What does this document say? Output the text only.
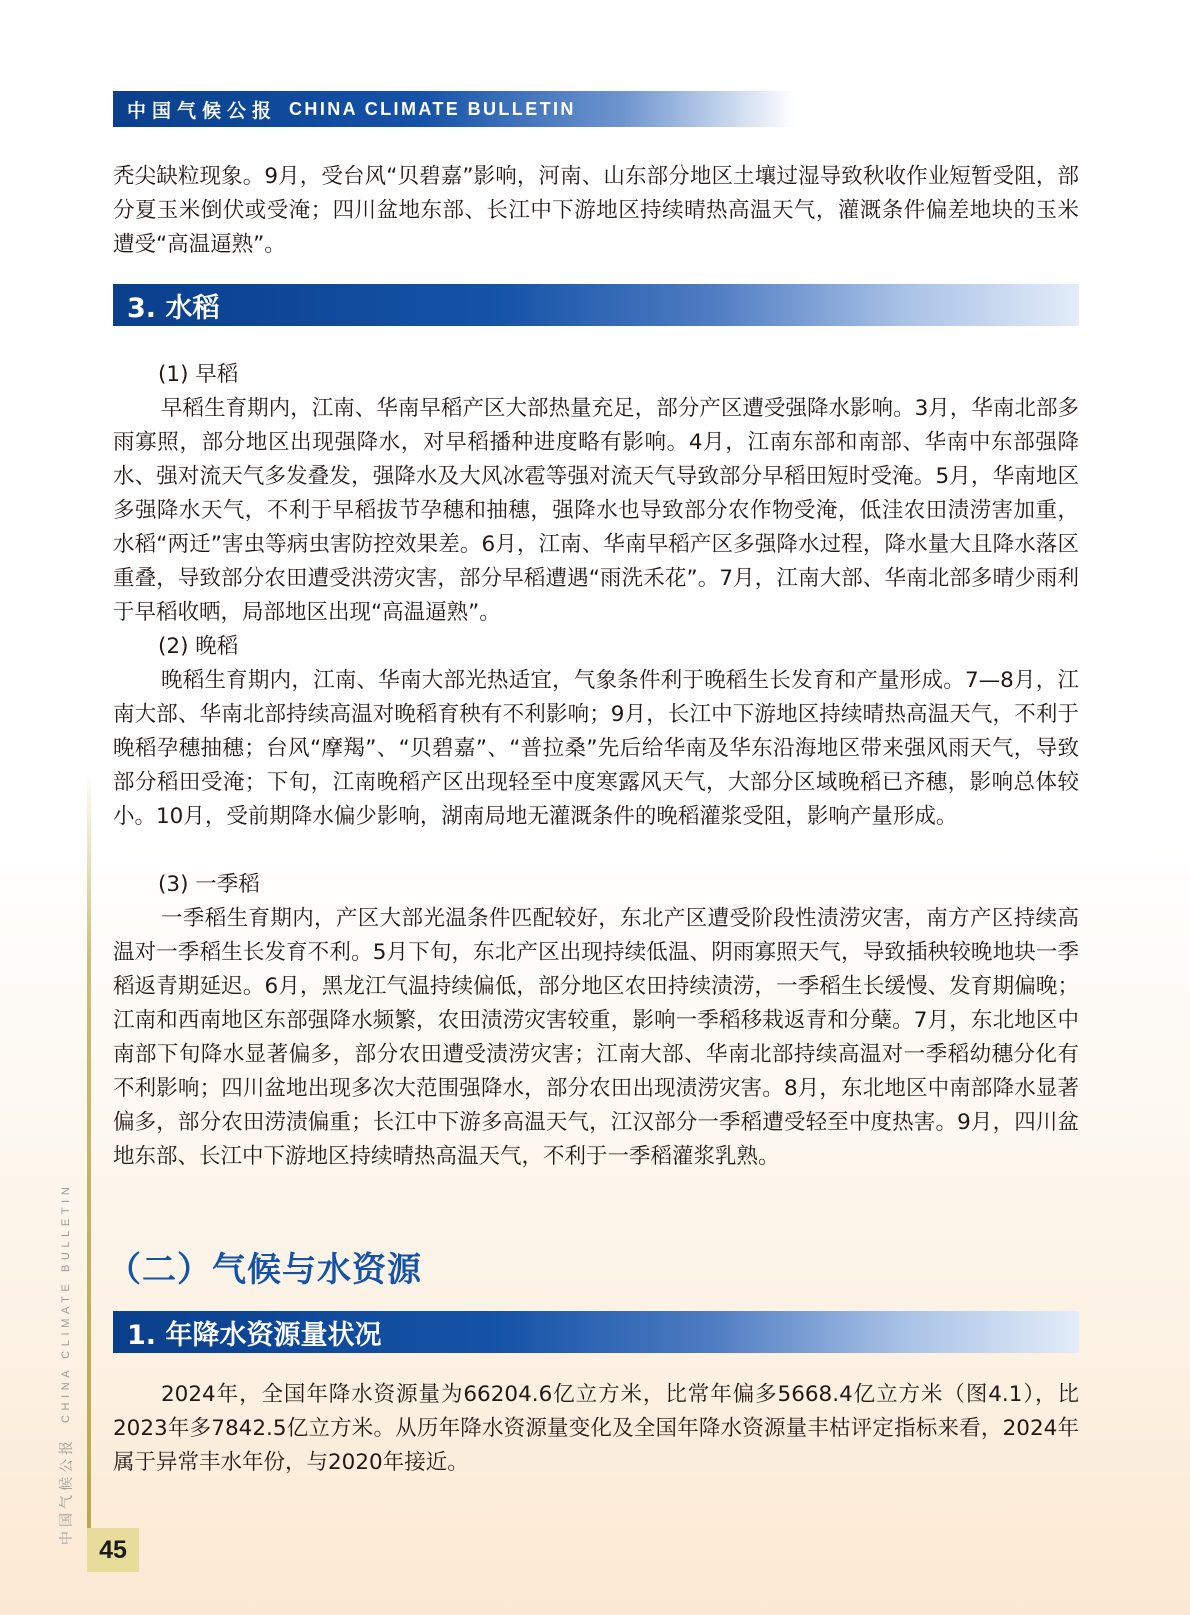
中国气候公报 CHINA CLIMATE BULLETIN

秃尖缺粒现象。9月，受台风“贝碧嘉”影响，河南、山东部分地区土壤过湿导致秋收作业短暂受阻，部分夏玉米倒伏或受淹；四川盆地东部、长江中下游地区持续晴热高温天气，灌溉条件偏差地块的玉米遭受“高温逼熟”。

3. 水稻

(1) 早稻

早稻生育期内，江南、华南早稻产区大部热量充足，部分产区遭受强降水影响。3月，华南北部多雨寡照，部分地区出现强降水，对早稻播种进度略有影响。4月，江南东部和南部、华南中东部强降水、强对流天气多发叠发，强降水及大风冰雹等强对流天气导致部分早稻田短时受淹。5月，华南地区多强降水天气，不利于早稻拔节孕穗和抽穗，强降水也导致部分农作物受淹，低洼农田渍涝害加重，水稻“两迁”害虫等病虫害防控效果差。6月，江南、华南早稻产区多强降水过程，降水量大且降水落区重叠，导致部分农田遭受洪涝灾害，部分早稻遭遇“雨洗禾花”。7月，江南大部、华南北部多晴少雨利于早稻收晒，局部地区出现“高温逼熟”。

(2) 晚稻

晚稻生育期内，江南、华南大部光热适宜，气象条件利于晚稻生长发育和产量形成。7—8月，江南大部、华南北部持续高温对晚稻育秧有不利影响；9月，长江中下游地区持续晴热高温天气，不利于晚稻孕穗抽穗；台风“摩羯”、“贝碧嘉”、“普拉桑”先后给华南及华东沿海地区带来强风雨天气，导致部分稻田受淹；下旬，江南晚稻产区出现轻至中度寒露风天气，大部分区域晚稻已齐穗，影响总体较小。10月，受前期降水偏少影响，湖南局地无灌溉条件的晚稻灌浆受阻，影响产量形成。

(3) 一季稻

一季稻生育期内，产区大部光温条件匹配较好，东北产区遭受阶段性渍涝灾害，南方产区持续高温对一季稻生长发育不利。5月下旬，东北产区出现持续低温、阴雨寡照天气，导致插秧较晚地块一季稻返青期延迟。6月，黑龙江气温持续偏低，部分地区农田持续渍涝，一季稻生长缓慢、发育期偏晚；江南和西南地区东部强降水频繁，农田渍涝灾害较重，影响一季稻移栽返青和分蘖。7月，东北地区中南部下旬降水显著偏多，部分农田遭受渍涝灾害；江南大部、华南北部持续高温对一季稻幼穗分化有不利影响；四川盆地出现多次大范围强降水，部分农田出现渍涝灾害。8月，东北地区中南部降水显著偏多，部分农田涝渍偏重；长江中下游多高温天气，江汉部分一季稻遭受轻至中度热害。9月，四川盆地东部、长江中下游地区持续晴热高温天气，不利于一季稻灌浆乳熟。

（二）气候与水资源
1. 年降水资源量状况

2024年，全国年降水资源量为66204.6亿立方米，比常年偏多5668.4亿立方米（图4.1），比2023年多7842.5亿立方米。从历年降水资源量变化及全国年降水资源量丰枯评定指标来看，2024年属于异常丰水年份，与2020年接近。

中国气候公报
CHINA CLIMATE BULLETIN
45
